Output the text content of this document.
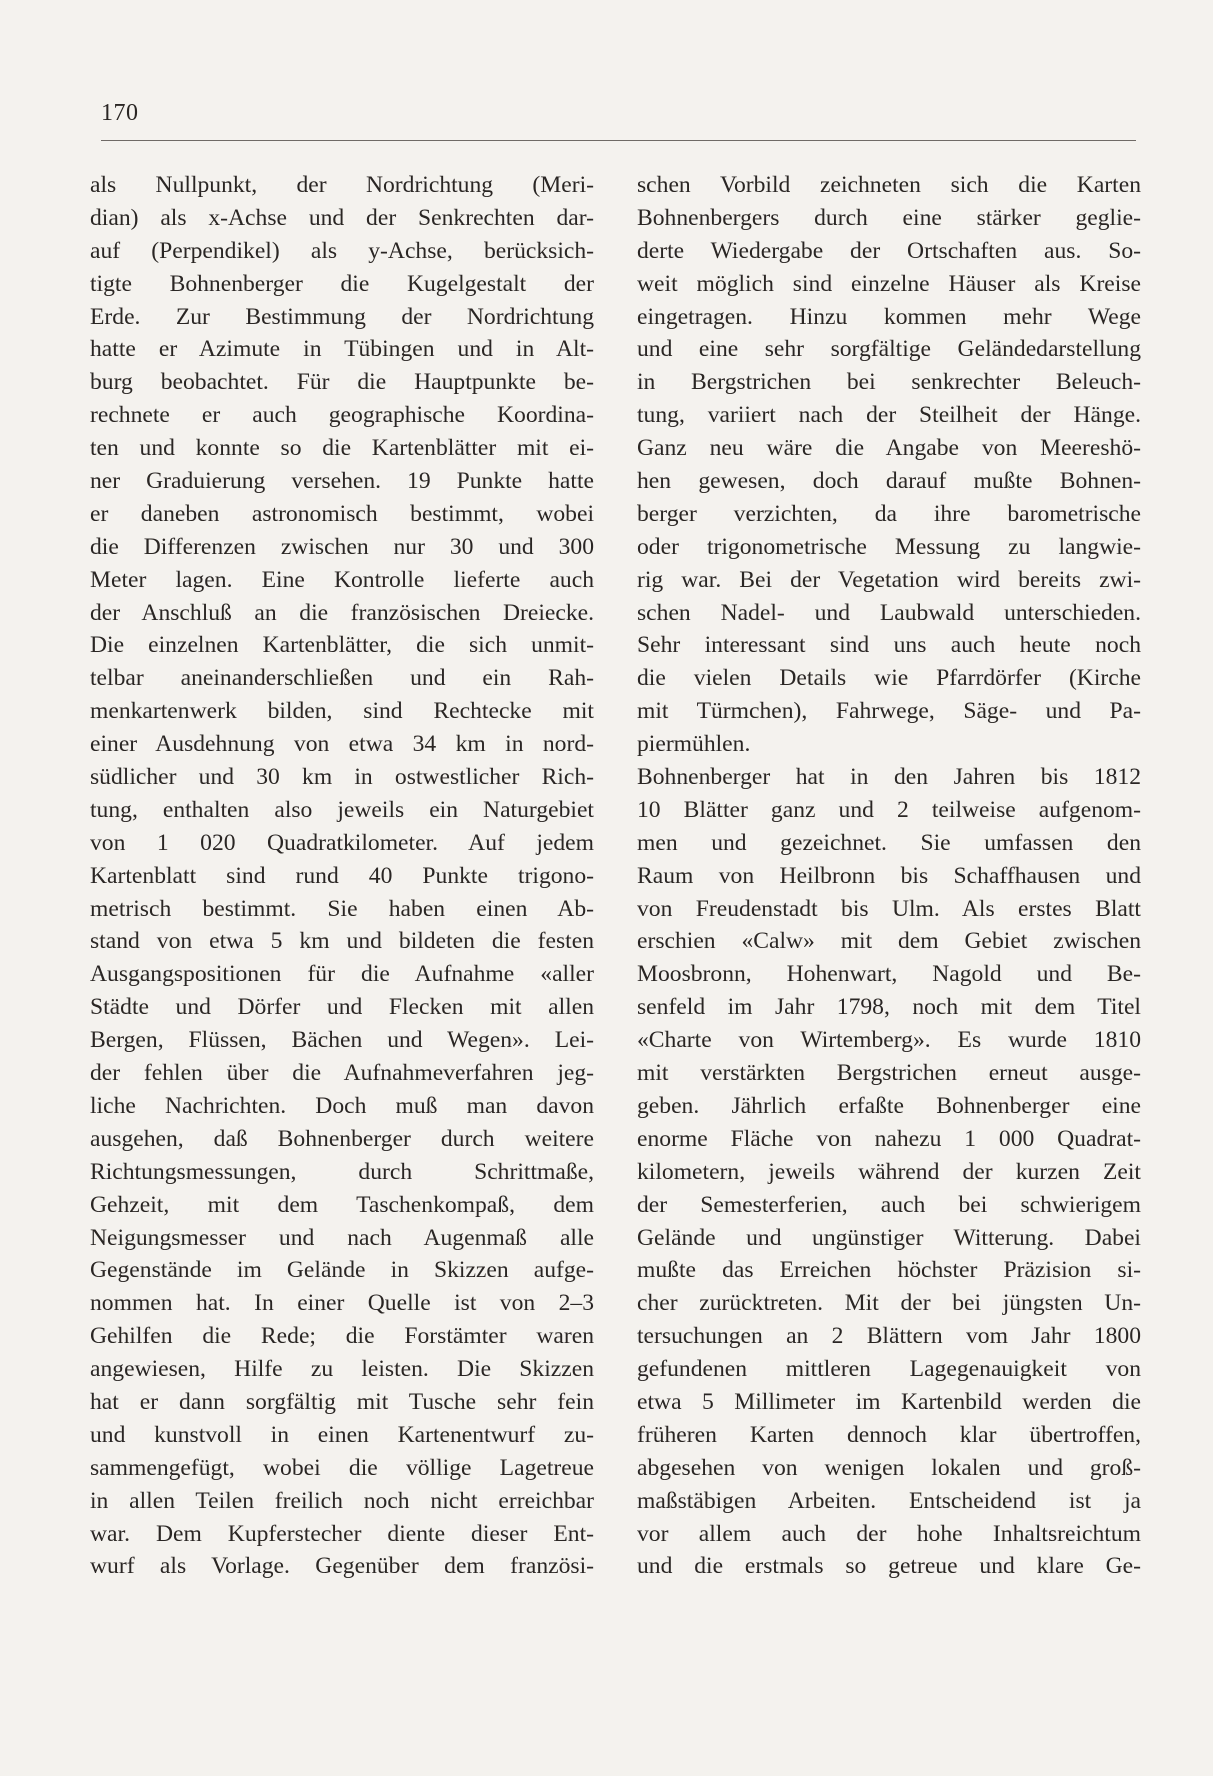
170
als Nullpunkt, der Nordrichtung (Meri-
dian) als x-Achse und der Senkrechten dar-
auf (Perpendikel) als y-Achse, berücksich-
tigte Bohnenberger die Kugelgestalt der
Erde. Zur Bestimmung der Nordrichtung
hatte er Azimute in Tübingen und in Alt-
burg beobachtet. Für die Hauptpunkte be-
rechnete er auch geographische Koordina-
ten und konnte so die Kartenblätter mit ei-
ner Graduierung versehen. 19 Punkte hatte
er daneben astronomisch bestimmt, wobei
die Differenzen zwischen nur 30 und 300
Meter lagen. Eine Kontrolle lieferte auch
der Anschluß an die französischen Dreiecke.
Die einzelnen Kartenblätter, die sich unmit-
telbar aneinanderschließen und ein Rah-
menkartenwerk bilden, sind Rechtecke mit
einer Ausdehnung von etwa 34 km in nord-
südlicher und 30 km in ostwestlicher Rich-
tung, enthalten also jeweils ein Naturgebiet
von 1 020 Quadratkilometer. Auf jedem
Kartenblatt sind rund 40 Punkte trigono-
metrisch bestimmt. Sie haben einen Ab-
stand von etwa 5 km und bildeten die festen
Ausgangspositionen für die Aufnahme «aller
Städte und Dörfer und Flecken mit allen
Bergen, Flüssen, Bächen und Wegen». Lei-
der fehlen über die Aufnahmeverfahren jeg-
liche Nachrichten. Doch muß man davon
ausgehen, daß Bohnenberger durch weitere
Richtungsmessungen, durch Schrittmaße,
Gehzeit, mit dem Taschenkompaß, dem
Neigungsmesser und nach Augenmaß alle
Gegenstände im Gelände in Skizzen aufge-
nommen hat. In einer Quelle ist von 2–3
Gehilfen die Rede; die Forstämter waren
angewiesen, Hilfe zu leisten. Die Skizzen
hat er dann sorgfältig mit Tusche sehr fein
und kunstvoll in einen Kartenentwurf zu-
sammengefügt, wobei die völlige Lagetreue
in allen Teilen freilich noch nicht erreichbar
war. Dem Kupferstecher diente dieser Ent-
wurf als Vorlage. Gegenüber dem französi-
schen Vorbild zeichneten sich die Karten
Bohnenbergers durch eine stärker geglie-
derte Wiedergabe der Ortschaften aus. So-
weit möglich sind einzelne Häuser als Kreise
eingetragen. Hinzu kommen mehr Wege
und eine sehr sorgfältige Geländedarstellung
in Bergstrichen bei senkrechter Beleuch-
tung, variiert nach der Steilheit der Hänge.
Ganz neu wäre die Angabe von Meereshö-
hen gewesen, doch darauf mußte Bohnen-
berger verzichten, da ihre barometrische
oder trigonometrische Messung zu langwie-
rig war. Bei der Vegetation wird bereits zwi-
schen Nadel- und Laubwald unterschieden.
Sehr interessant sind uns auch heute noch
die vielen Details wie Pfarrdörfer (Kirche
mit Türmchen), Fahrwege, Säge- und Pa-
piermühlen.
Bohnenberger hat in den Jahren bis 1812
10 Blätter ganz und 2 teilweise aufgenom-
men und gezeichnet. Sie umfassen den
Raum von Heilbronn bis Schaffhausen und
von Freudenstadt bis Ulm. Als erstes Blatt
erschien «Calw» mit dem Gebiet zwischen
Moosbronn, Hohenwart, Nagold und Be-
senfeld im Jahr 1798, noch mit dem Titel
«Charte von Wirtemberg». Es wurde 1810
mit verstärkten Bergstrichen erneut ausge-
geben. Jährlich erfaßte Bohnenberger eine
enorme Fläche von nahezu 1 000 Quadrat-
kilometern, jeweils während der kurzen Zeit
der Semesterferien, auch bei schwierigem
Gelände und ungünstiger Witterung. Dabei
mußte das Erreichen höchster Präzision si-
cher zurücktreten. Mit der bei jüngsten Un-
tersuchungen an 2 Blättern vom Jahr 1800
gefundenen mittleren Lagegenauigkeit von
etwa 5 Millimeter im Kartenbild werden die
früheren Karten dennoch klar übertroffen,
abgesehen von wenigen lokalen und groß-
maßstäbigen Arbeiten. Entscheidend ist ja
vor allem auch der hohe Inhaltsreichtum
und die erstmals so getreue und klare Ge-
